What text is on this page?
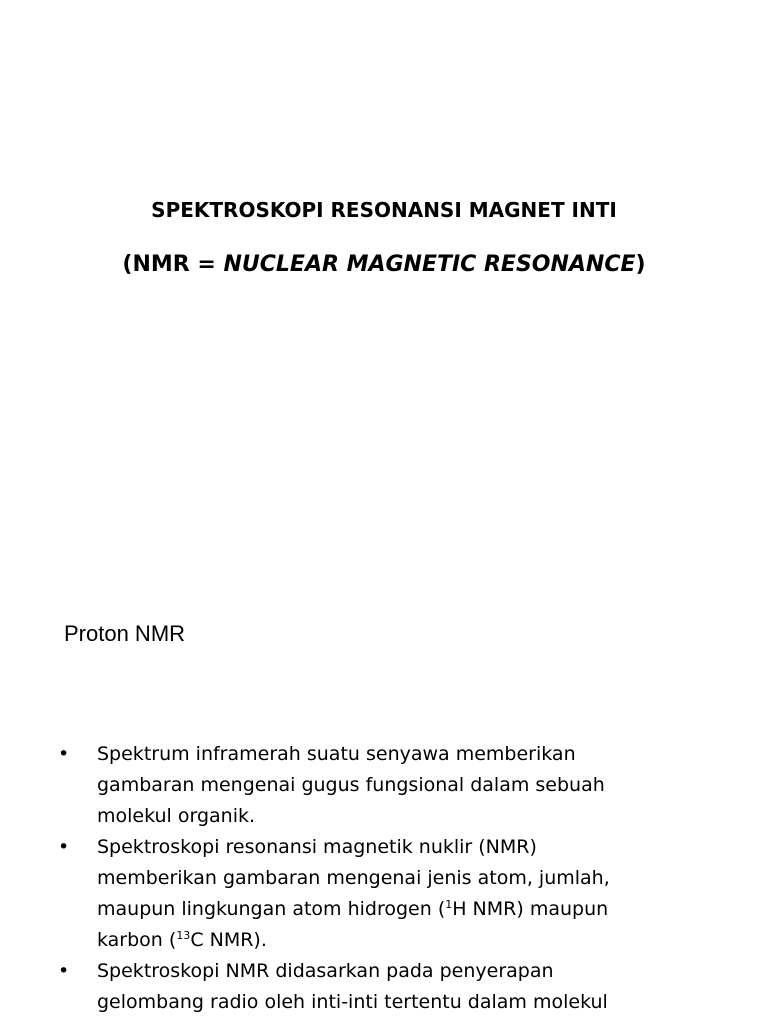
SPEKTROSKOPI RESONANSI MAGNET INTI
(NMR = NUCLEAR MAGNETIC RESONANCE)
Proton NMR
•	Spektrum inframerah suatu senyawa memberikan
gambaran mengenai gugus fungsional dalam sebuah
molekul organik.
•	Spektroskopi resonansi magnetik nuklir (NMR)
memberikan gambaran mengenai jenis atom, jumlah,
maupun lingkungan atom hidrogen ($^1$H NMR) maupun
karbon ($^{13}$C NMR).
•	Spektroskopi NMR didasarkan pada penyerapan
gelombang radio oleh inti-inti tertentu dalam molekul
